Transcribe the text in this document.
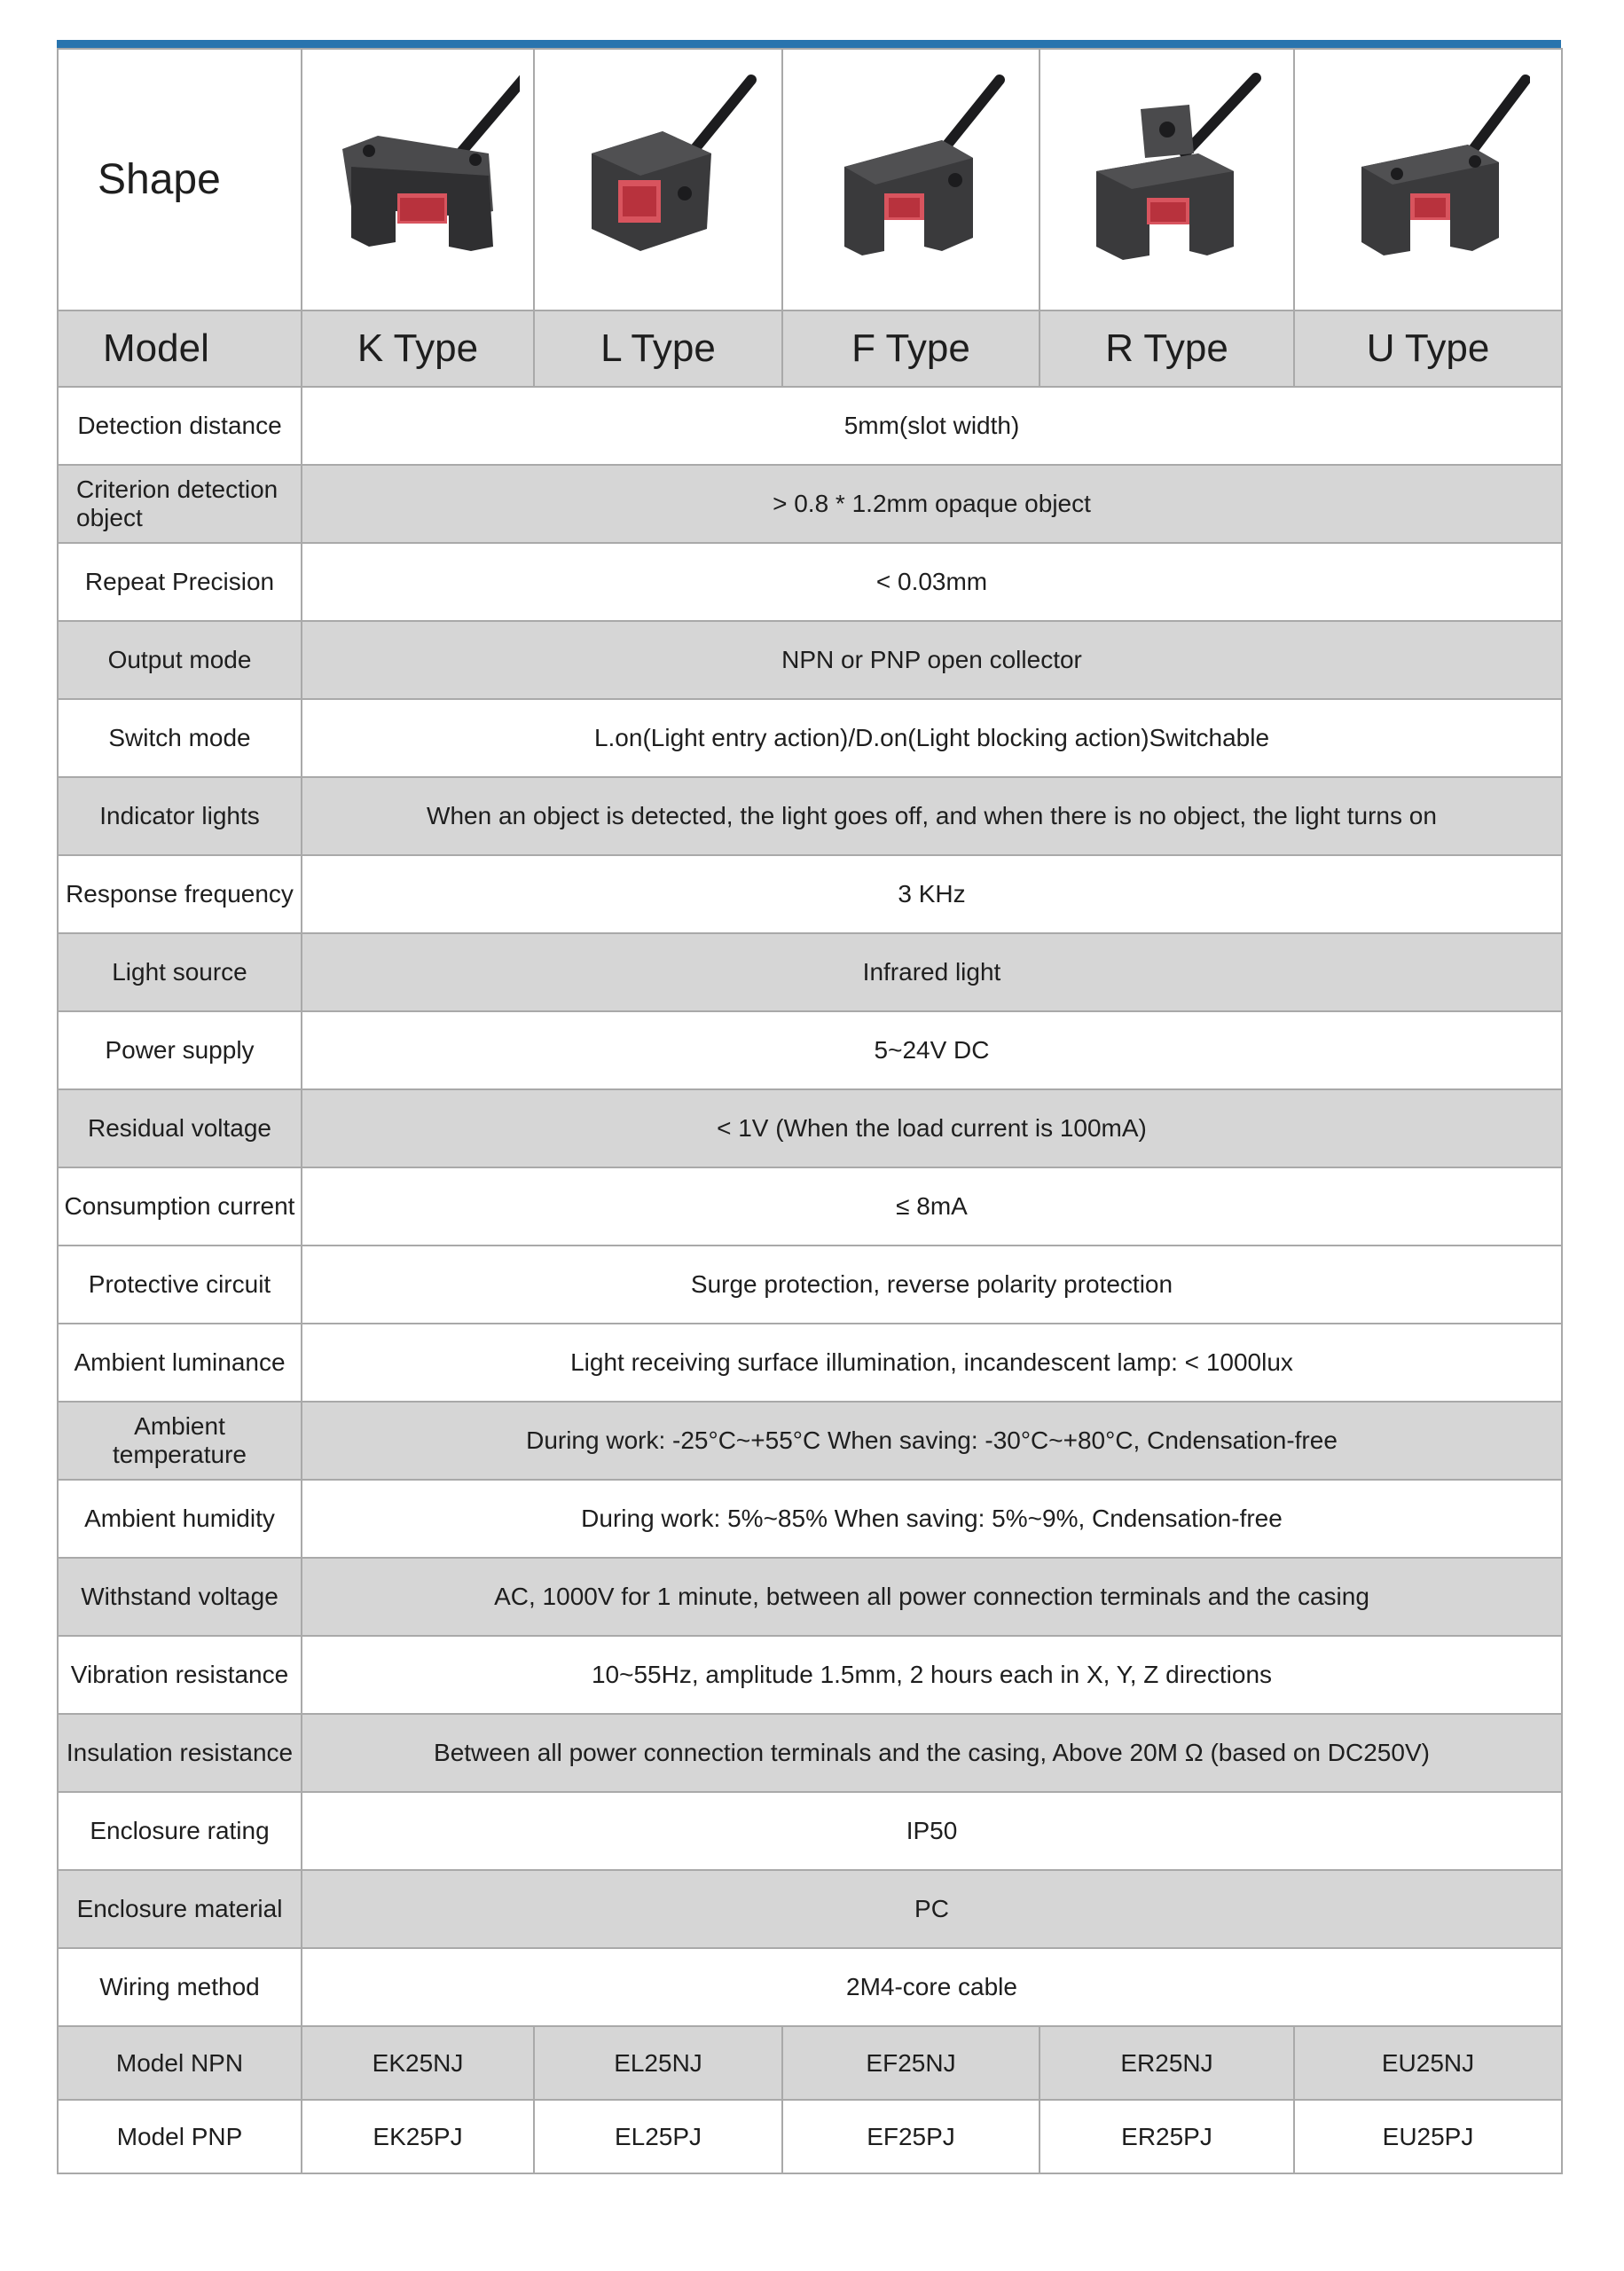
Shape	

Model	K Type	L Type	F Type	R Type	U Type
Detection distance	5mm(slot width)				
Criterion detection object	> 0.8 * 1.2mm opaque object				
Repeat Precision	< 0.03mm				
Output mode	NPN or PNP open collector				
Switch mode	L.on(Light entry action)/D.on(Light blocking action)Switchable				
Indicator lights	When an object is detected, the light goes off, and when there is no object, the light turns on				
Response frequency	3 KHz				
Light source	Infrared light				
Power supply	5~24V DC				
Residual voltage	< 1V (When the load current is 100mA)				
Consumption current	≤ 8mA				
Protective circuit	Surge protection, reverse polarity protection				
Ambient luminance	Light receiving surface illumination, incandescent lamp: < 1000lux				
Ambient temperature	During work: -25°C~+55°C When saving: -30°C~+80°C, Cndensation-free				
Ambient humidity	During work: 5%~85% When saving: 5%~9%, Cndensation-free				
Withstand voltage	AC, 1000V for 1 minute, between all power connection terminals and the casing				
Vibration resistance	10~55Hz, amplitude 1.5mm, 2 hours each in X, Y, Z directions				
Insulation resistance	Between all power connection terminals and the casing, Above 20M Ω (based on DC250V)				
Enclosure rating	IP50				
Enclosure material	PC				
Wiring method	2M4-core cable				
Model NPN	EK25NJ	EL25NJ	EF25NJ	ER25NJ	EU25NJ
Model PNP	EK25PJ	EL25PJ	EF25PJ	ER25PJ	EU25PJ
